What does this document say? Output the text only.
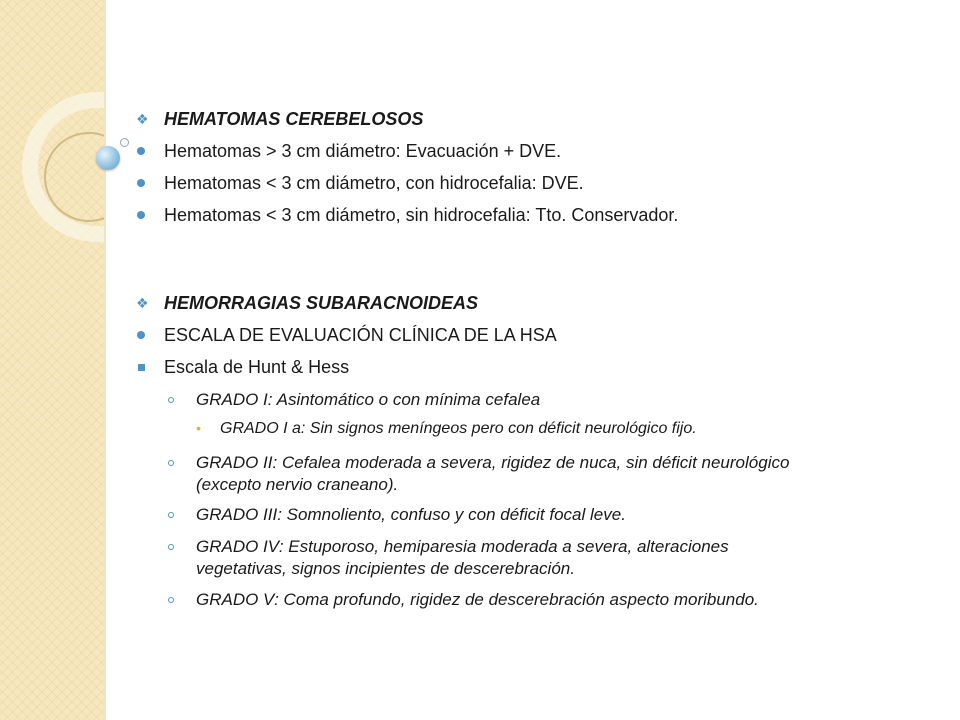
❖ HEMATOMAS CEREBELOSOS
Hematomas > 3 cm diámetro: Evacuación + DVE.
Hematomas < 3 cm diámetro, con hidrocefalia: DVE.
Hematomas < 3 cm diámetro, sin hidrocefalia: Tto. Conservador.
❖ HEMORRAGIAS SUBARACNOIDEAS
ESCALA DE EVALUACIÓN CLÍNICA DE LA HSA
Escala de Hunt & Hess
GRADO I: Asintomático o con mínima cefalea
• GRADO I a: Sin signos meníngeos pero con déficit neurológico fijo.
GRADO II: Cefalea moderada a severa, rigidez de nuca, sin déficit neurológico
(excepto nervio craneano).
GRADO III: Somnoliento, confuso y con déficit focal leve.
GRADO IV: Estuporoso, hemiparesia moderada a severa, alteraciones
vegetativas, signos incipientes de descerebración.
GRADO V: Coma profundo, rigidez de descerebración aspecto moribundo.
